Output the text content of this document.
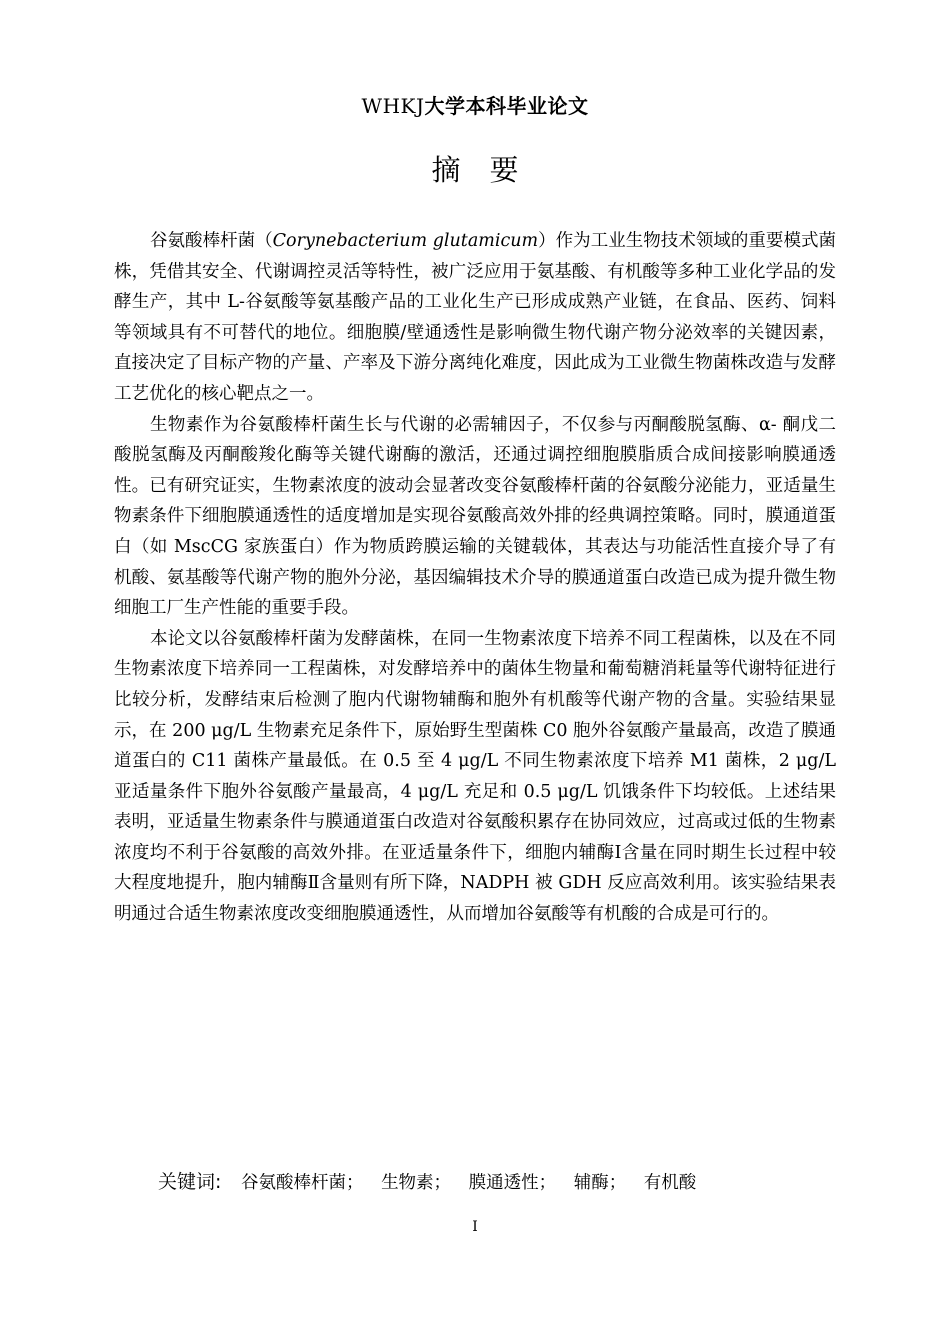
WHKJ大学本科毕业论文
摘　要

谷氨酸棒杆菌（Corynebacterium glutamicum）作为工业生物技术领域的重要模式菌株，凭借其安全、代谢调控灵活等特性，被广泛应用于氨基酸、有机酸等多种工业化学品的发酵生产，其中 L-谷氨酸等氨基酸产品的工业化生产已形成成熟产业链，在食品、医药、饲料等领域具有不可替代的地位。细胞膜/壁通透性是影响微生物代谢产物分泌效率的关键因素，直接决定了目标产物的产量、产率及下游分离纯化难度，因此成为工业微生物菌株改造与发酵工艺优化的核心靶点之一。

生物素作为谷氨酸棒杆菌生长与代谢的必需辅因子，不仅参与丙酮酸脱氢酶、α- 酮戊二酸脱氢酶及丙酮酸羧化酶等关键代谢酶的激活，还通过调控细胞膜脂质合成间接影响膜通透性。已有研究证实，生物素浓度的波动会显著改变谷氨酸棒杆菌的谷氨酸分泌能力，亚适量生物素条件下细胞膜通透性的适度增加是实现谷氨酸高效外排的经典调控策略。同时，膜通道蛋白（如 MscCG 家族蛋白）作为物质跨膜运输的关键载体，其表达与功能活性直接介导了有机酸、氨基酸等代谢产物的胞外分泌，基因编辑技术介导的膜通道蛋白改造已成为提升微生物细胞工厂生产性能的重要手段。

本论文以谷氨酸棒杆菌为发酵菌株，在同一生物素浓度下培养不同工程菌株，以及在不同生物素浓度下培养同一工程菌株，对发酵培养中的菌体生物量和葡萄糖消耗量等代谢特征进行比较分析，发酵结束后检测了胞内代谢物辅酶和胞外有机酸等代谢产物的含量。实验结果显示，在 200 μg/L 生物素充足条件下，原始野生型菌株 C0 胞外谷氨酸产量最高，改造了膜通道蛋白的 C11 菌株产量最低。在 0.5 至 4 μg/L 不同生物素浓度下培养 M1 菌株，2 μg/L 亚适量条件下胞外谷氨酸产量最高，4 μg/L 充足和 0.5 μg/L 饥饿条件下均较低。上述结果表明，亚适量生物素条件与膜通道蛋白改造对谷氨酸积累存在协同效应，过高或过低的生物素浓度均不利于谷氨酸的高效外排。在亚适量条件下，细胞内辅酶Ⅰ含量在同时期生长过程中较大程度地提升，胞内辅酶Ⅱ含量则有所下降，NADPH 被 GDH 反应高效利用。该实验结果表明通过合适生物素浓度改变细胞膜通透性，从而增加谷氨酸等有机酸的合成是可行的。

关键词: 谷氨酸棒杆菌； 生物素； 膜通透性； 辅酶； 有机酸
I
